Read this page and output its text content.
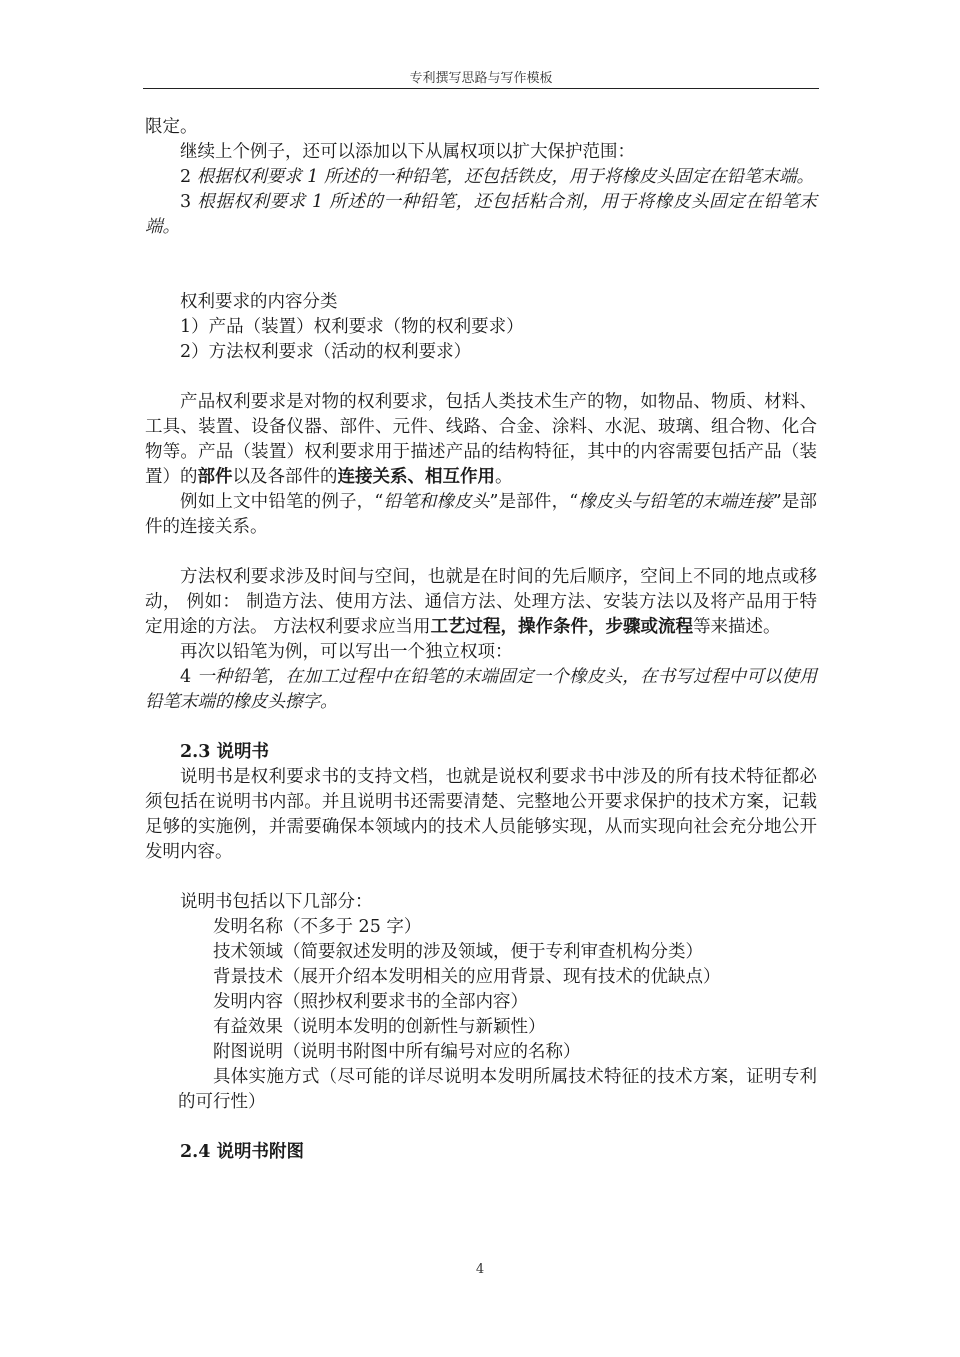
专利撰写思路与写作模板

限定。

继续上个例子，还可以添加以下从属权项以扩大保护范围：

2 根据权利要求 1 所述的一种铅笔，还包括铁皮，用于将橡皮头固定在铅笔末端。

3 根据权利要求 1 所述的一种铅笔，还包括粘合剂，用于将橡皮头固定在铅笔末端。

权利要求的内容分类

1）产品（装置）权利要求（物的权利要求）

2）方法权利要求（活动的权利要求）

产品权利要求是对物的权利要求，包括人类技术生产的物，如物品、物质、材料、工具、装置、设备仪器、部件、元件、线路、合金、涂料、水泥、玻璃、组合物、化合物等。产品（装置）权利要求用于描述产品的结构特征，其中的内容需要包括产品（装置）的部件以及各部件的连接关系、相互作用。

例如上文中铅笔的例子，“铅笔和橡皮头”是部件，“橡皮头与铅笔的末端连接”是部件的连接关系。

方法权利要求涉及时间与空间，也就是在时间的先后顺序，空间上不同的地点或移动， 例如： 制造方法、使用方法、通信方法、处理方法、安装方法以及将产品用于特定用途的方法。 方法权利要求应当用工艺过程，操作条件，步骤或流程等来描述。

再次以铅笔为例，可以写出一个独立权项：

4 一种铅笔，在加工过程中在铅笔的末端固定一个橡皮头，在书写过程中可以使用铅笔末端的橡皮头擦字。

2.3 说明书

说明书是权利要求书的支持文档，也就是说权利要求书中涉及的所有技术特征都必须包括在说明书内部。并且说明书还需要清楚、完整地公开要求保护的技术方案，记载足够的实施例，并需要确保本领域内的技术人员能够实现，从而实现向社会充分地公开发明内容。

说明书包括以下几部分：

发明名称（不多于 25 字）

技术领域（简要叙述发明的涉及领域，便于专利审查机构分类）

背景技术（展开介绍本发明相关的应用背景、现有技术的优缺点）

发明内容（照抄权利要求书的全部内容）

有益效果（说明本发明的创新性与新颖性）

附图说明（说明书附图中所有编号对应的名称）

具体实施方式（尽可能的详尽说明本发明所属技术特征的技术方案，证明专利的可行性）

2.4 说明书附图

4
